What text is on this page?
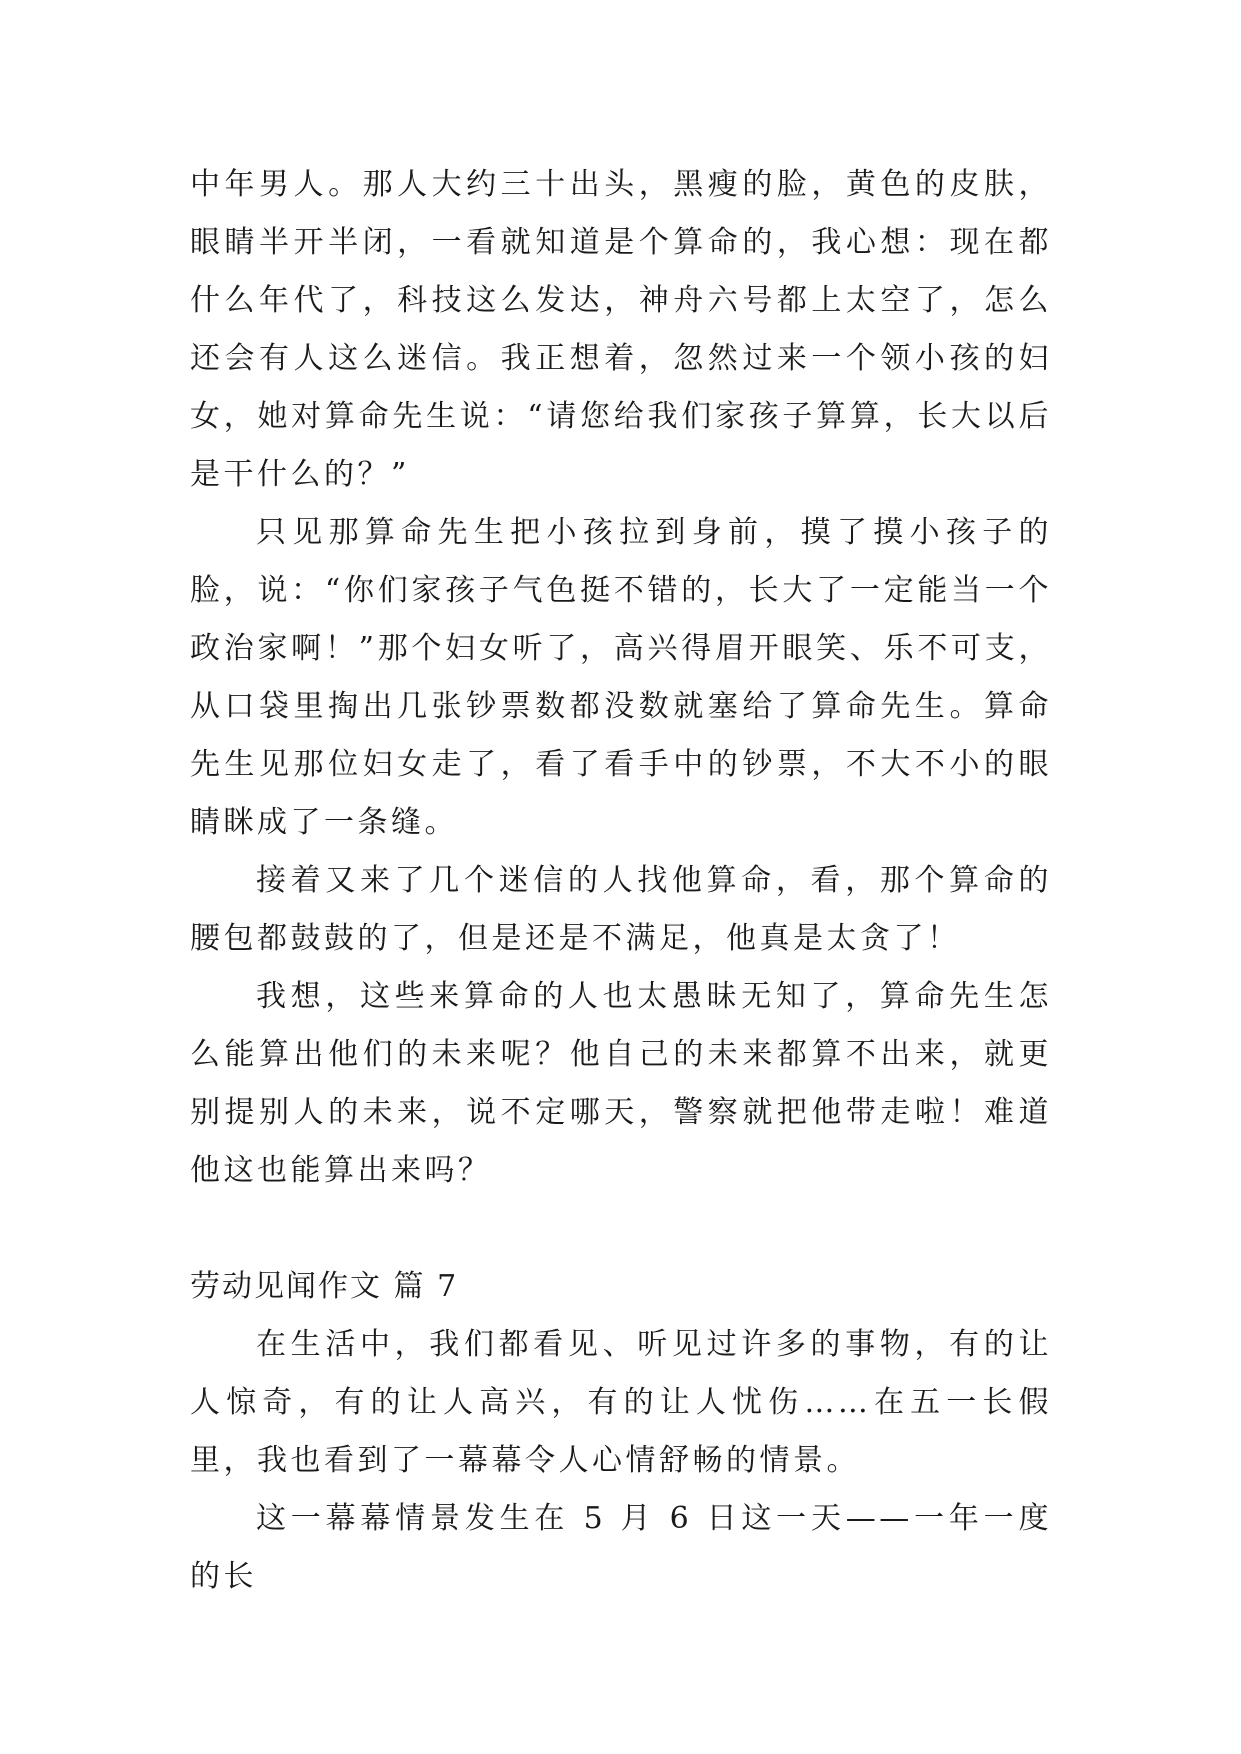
中年男人。那人大约三十出头，黑瘦的脸，黄色的皮肤，眼睛半开半闭，一看就知道是个算命的，我心想：现在都什么年代了，科技这么发达，神舟六号都上太空了，怎么还会有人这么迷信。我正想着，忽然过来一个领小孩的妇女，她对算命先生说：“请您给我们家孩子算算，长大以后是干什么的？”

只见那算命先生把小孩拉到身前，摸了摸小孩子的脸，说：“你们家孩子气色挺不错的，长大了一定能当一个政治家啊！”那个妇女听了，高兴得眉开眼笑、乐不可支，从口袋里掏出几张钞票数都没数就塞给了算命先生。算命先生见那位妇女走了，看了看手中的钞票，不大不小的眼睛眯成了一条缝。

接着又来了几个迷信的人找他算命，看，那个算命的腰包都鼓鼓的了，但是还是不满足，他真是太贪了！

我想，这些来算命的人也太愚昧无知了，算命先生怎么能算出他们的未来呢？他自己的未来都算不出来，就更别提别人的未来，说不定哪天，警察就把他带走啦！难道他这也能算出来吗？

劳动见闻作文 篇 7

在生活中，我们都看见、听见过许多的事物，有的让人惊奇，有的让人高兴，有的让人忧伤……在五一长假里，我也看到了一幕幕令人心情舒畅的情景。

这一幕幕情景发生在 5 月 6 日这一天——一年一度的长
